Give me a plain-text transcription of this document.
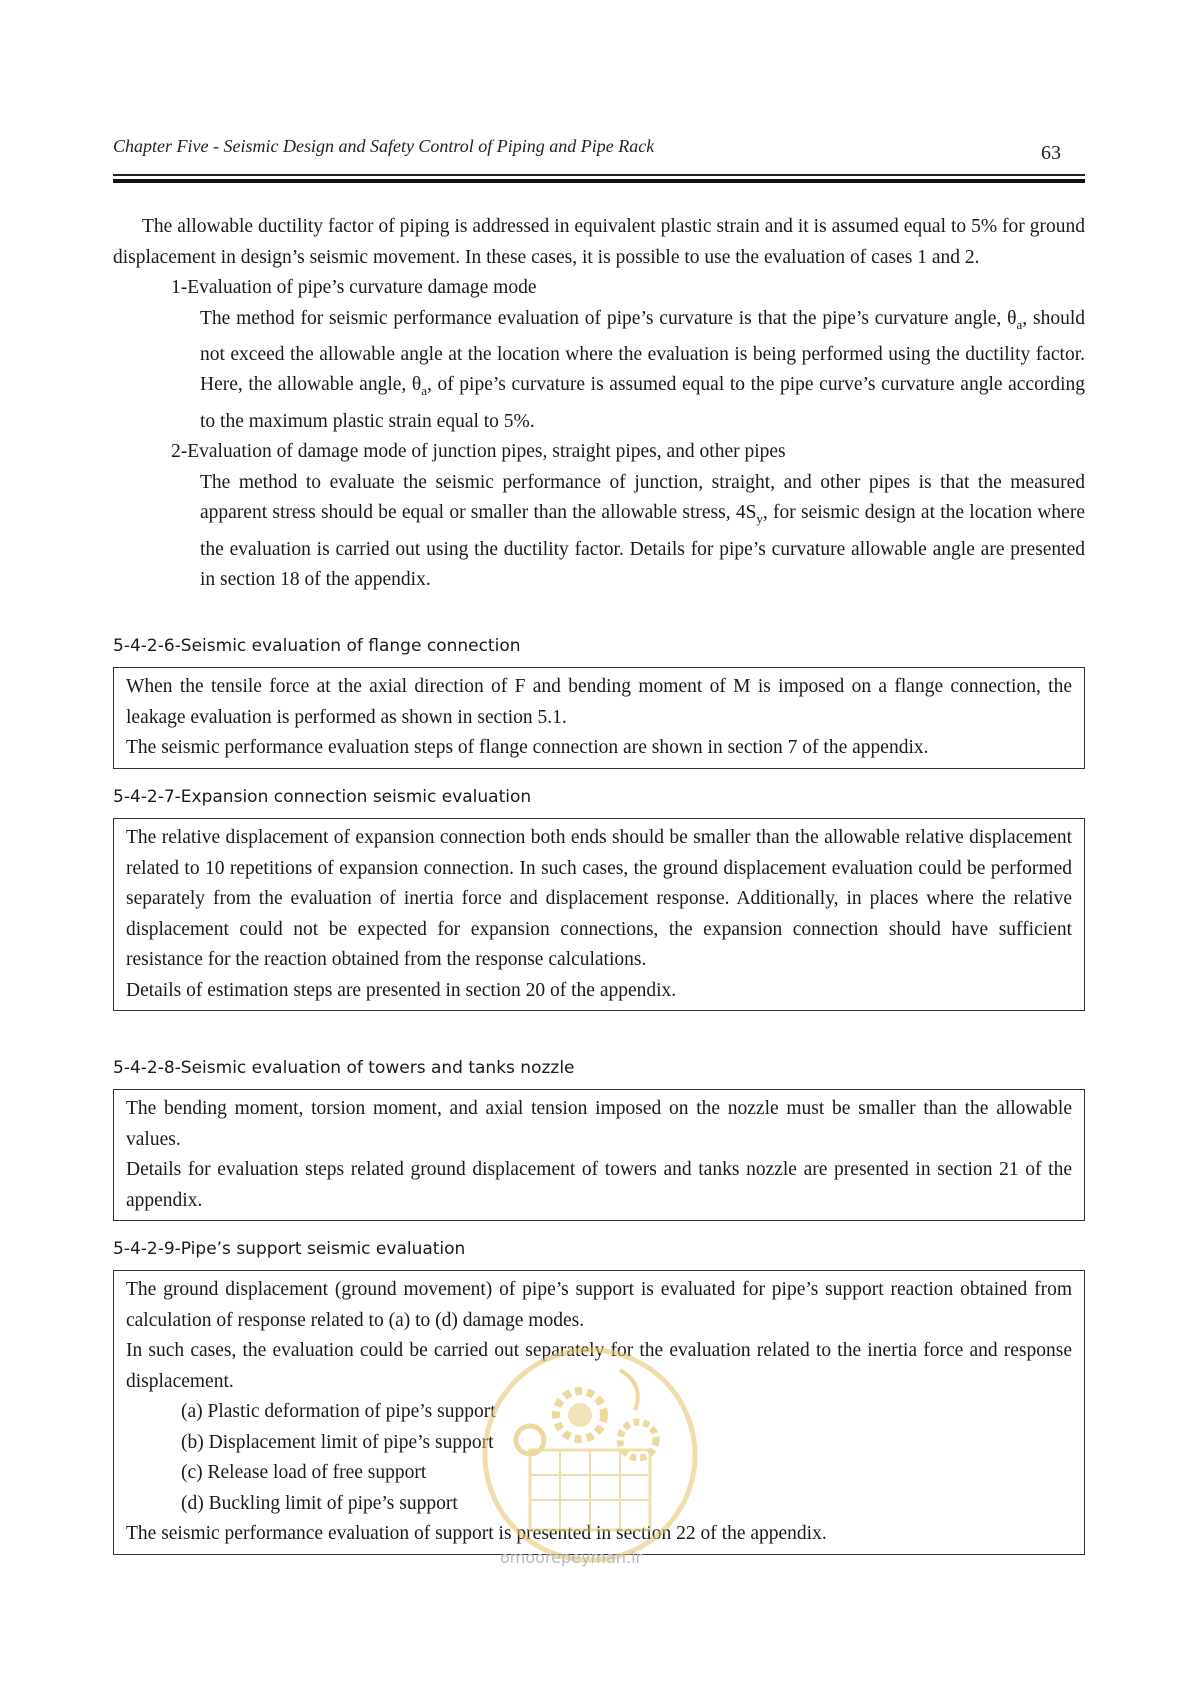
Chapter Five - Seismic Design and Safety Control of Piping and Pipe Rack	63

The allowable ductility factor of piping is addressed in equivalent plastic strain and it is assumed equal to 5% for ground displacement in design’s seismic movement. In these cases, it is possible to use the evaluation of cases 1 and 2.

1-Evaluation of pipe’s curvature damage mode

The method for seismic performance evaluation of pipe’s curvature is that the pipe’s curvature angle, $\theta_a$, should not exceed the allowable angle at the location where the evaluation is being performed using the ductility factor. Here, the allowable angle, $\theta_a$, of pipe’s curvature is assumed equal to the pipe curve’s curvature angle according to the maximum plastic strain equal to 5%.

2-Evaluation of damage mode of junction pipes, straight pipes, and other pipes

The method to evaluate the seismic performance of junction, straight, and other pipes is that the measured apparent stress should be equal or smaller than the allowable stress, $4S_y$, for seismic design at the location where the evaluation is carried out using the ductility factor. Details for pipe’s curvature allowable angle are presented in section 18 of the appendix.

5-4-2-6-Seismic evaluation of flange connection

When the tensile force at the axial direction of F and bending moment of M is imposed on a flange connection, the leakage evaluation is performed as shown in section 5.1.

The seismic performance evaluation steps of flange connection are shown in section 7 of the appendix.

5-4-2-7-Expansion connection seismic evaluation

The relative displacement of expansion connection both ends should be smaller than the allowable relative displacement related to 10 repetitions of expansion connection. In such cases, the ground displacement evaluation could be performed separately from the evaluation of inertia force and displacement response. Additionally, in places where the relative displacement could not be expected for expansion connections, the expansion connection should have sufficient resistance for the reaction obtained from the response calculations.

Details of estimation steps are presented in section 20 of the appendix.

5-4-2-8-Seismic evaluation of towers and tanks nozzle

The bending moment, torsion moment, and axial tension imposed on the nozzle must be smaller than the allowable values.

Details for evaluation steps related ground displacement of towers and tanks nozzle are presented in section 21 of the appendix.

5-4-2-9-Pipe’s support seismic evaluation

The ground displacement (ground movement) of pipe’s support is evaluated for pipe’s support reaction obtained from calculation of response related to (a) to (d) damage modes.

In such cases, the evaluation could be carried out separately for the evaluation related to the inertia force and response displacement.

(a) Plastic deformation of pipe’s support

(b) Displacement limit of pipe’s support

(c) Release load of free support

(d) Buckling limit of pipe’s support

The seismic performance evaluation of support is presented in section 22 of the appendix.

omoorepeyman.ir
